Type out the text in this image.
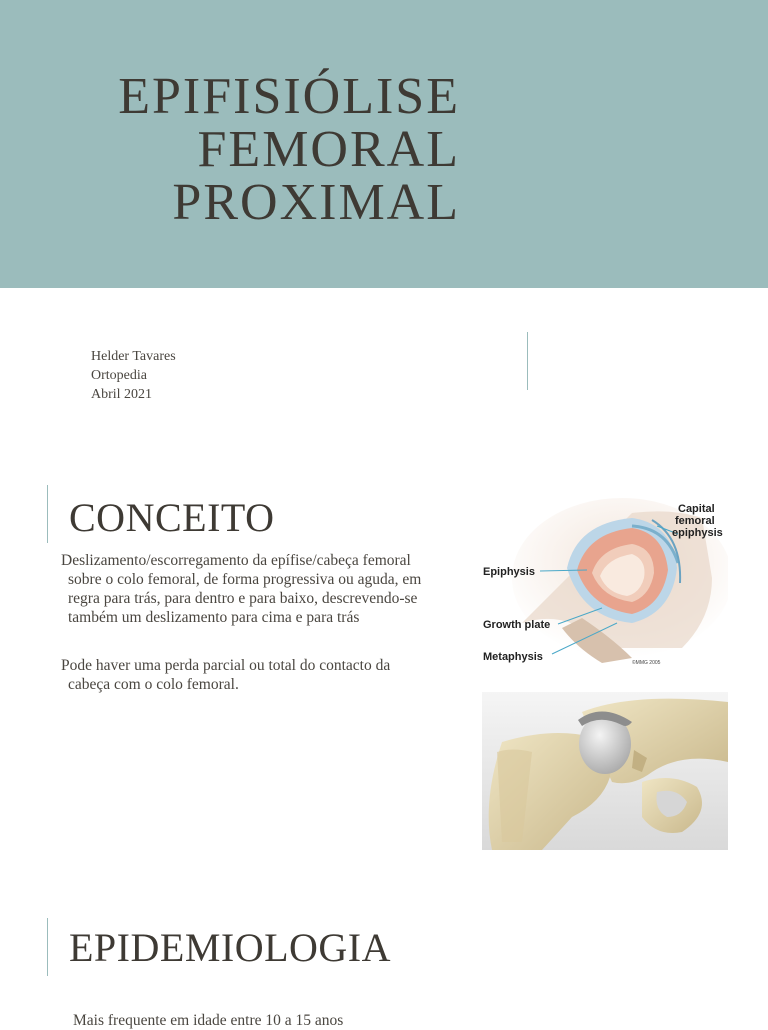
EPIFISIÓLISE
FEMORAL
PROXIMAL
Helder Tavares
Ortopedia
Abril 2021
CONCEITO
Deslizamento/escorregamento da epífise/cabeça femoral sobre o colo femoral, de forma progressiva ou aguda, em regra para trás, para dentro e para baixo, descrevendo-se também um deslizamento para cima e para trás
Pode haver uma perda parcial ou total do contacto da cabeça com o colo femoral.
Capital
femoral
epiphysis
Epiphysis
Growth plate
Metaphysis	©MMG 2005
EPIDEMIOLOGIA
Mais frequente em idade entre 10 a 15 anos
